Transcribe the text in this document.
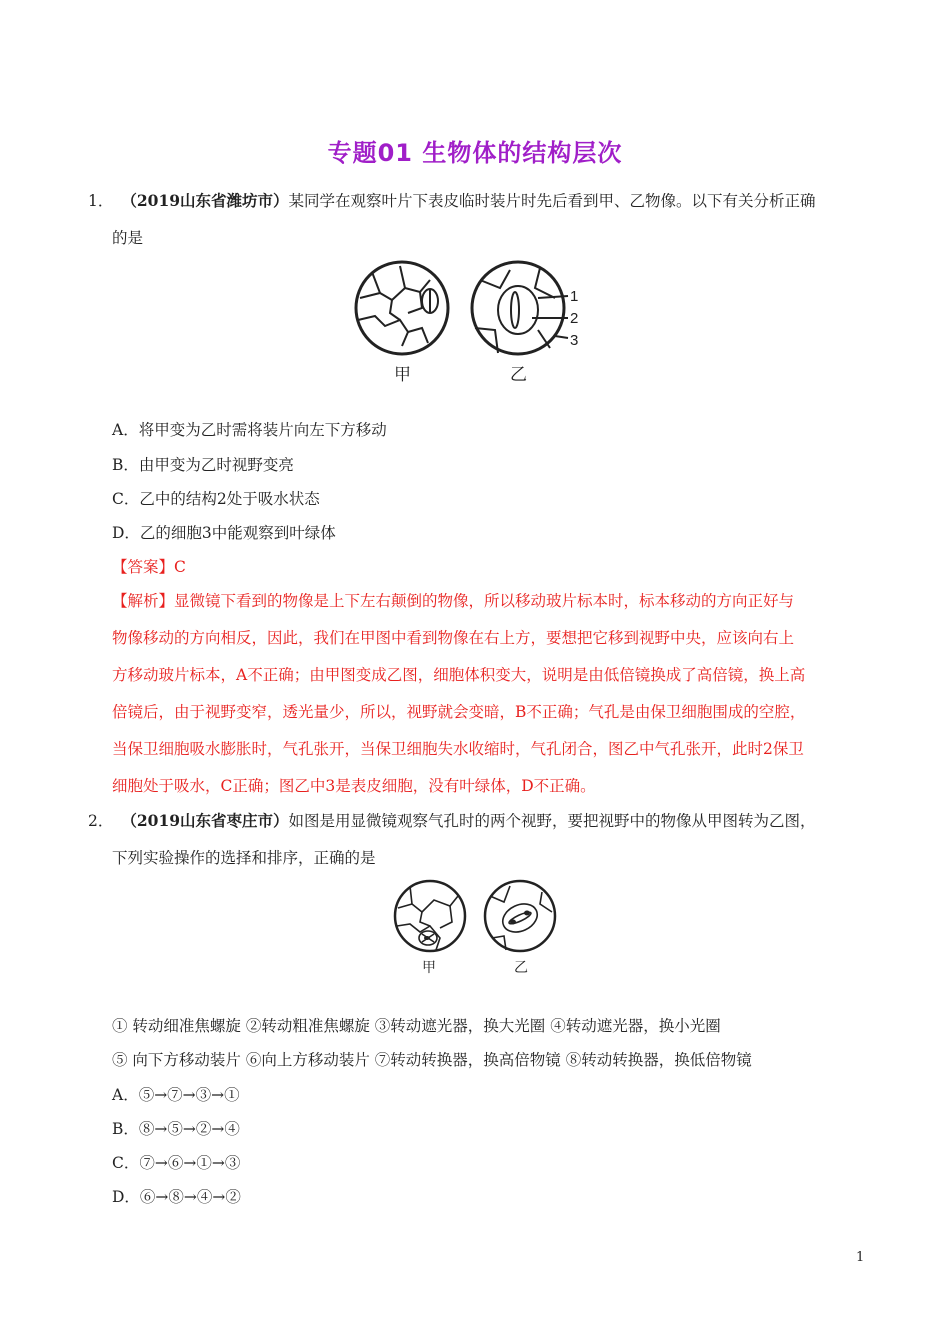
专题01 生物体的结构层次
1． （2019山东省潍坊市）某同学在观察叶片下表皮临时装片时先后看到甲、乙物像。以下有关分析正确
的是
1
2
3
甲	乙
A．将甲变为乙时需将装片向左下方移动
B．由甲变为乙时视野变亮
C．乙中的结构2处于吸水状态
D．乙的细胞3中能观察到叶绿体
【答案】C
【解析】显微镜下看到的物像是上下左右颠倒的物像，所以移动玻片标本时，标本移动的方向正好与
物像移动的方向相反，因此，我们在甲图中看到物像在右上方，要想把它移到视野中央，应该向右上
方移动玻片标本，A不正确；由甲图变成乙图，细胞体积变大，说明是由低倍镜换成了高倍镜，换上高
倍镜后，由于视野变窄，透光量少，所以，视野就会变暗，B不正确；气孔是由保卫细胞围成的空腔，
当保卫细胞吸水膨胀时，气孔张开，当保卫细胞失水收缩时，气孔闭合，图乙中气孔张开，此时2保卫
细胞处于吸水，C正确；图乙中3是表皮细胞，没有叶绿体，D不正确。
2． （2019山东省枣庄市）如图是用显微镜观察气孔时的两个视野，要把视野中的物像从甲图转为乙图，
下列实验操作的选择和排序，正确的是
甲	乙
① 转动细准焦螺旋 ②转动粗准焦螺旋 ③转动遮光器，换大光圈 ④转动遮光器，换小光圈
⑤ 向下方移动装片 ⑥向上方移动装片 ⑦转动转换器，换高倍物镜 ⑧转动转换器，换低倍物镜
A．⑤→⑦→③→①
B．⑧→⑤→②→④
C．⑦→⑥→①→③
D．⑥→⑧→④→②
1
